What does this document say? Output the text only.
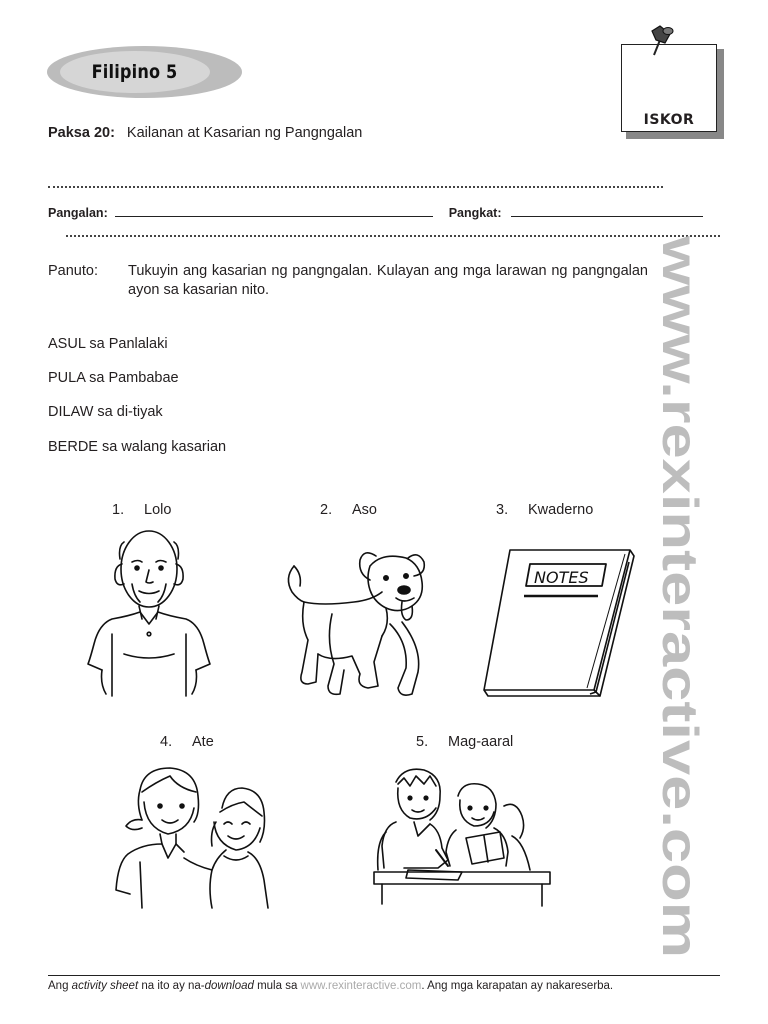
Filipino 5
ISKOR
Paksa 20: Kailanan at Kasarian ng Pangngalan
Pangalan:	Pangkat:
Panuto: Tukuyin ang kasarian ng pangngalan. Kulayan ang mga larawan ng pangngalan ayon sa kasarian nito.
ASUL sa Panlalaki
PULA sa Pambabae
DILAW sa di-tiyak
BERDE sa walang kasarian
1. Lolo	2. Aso	3. Kwaderno
4. Ate	5. Mag-aaral
NOTES www.rexinteractive.com
Ang activity sheet na ito ay na-download mula sa www.rexinteractive.com. Ang mga karapatan ay nakareserba.
